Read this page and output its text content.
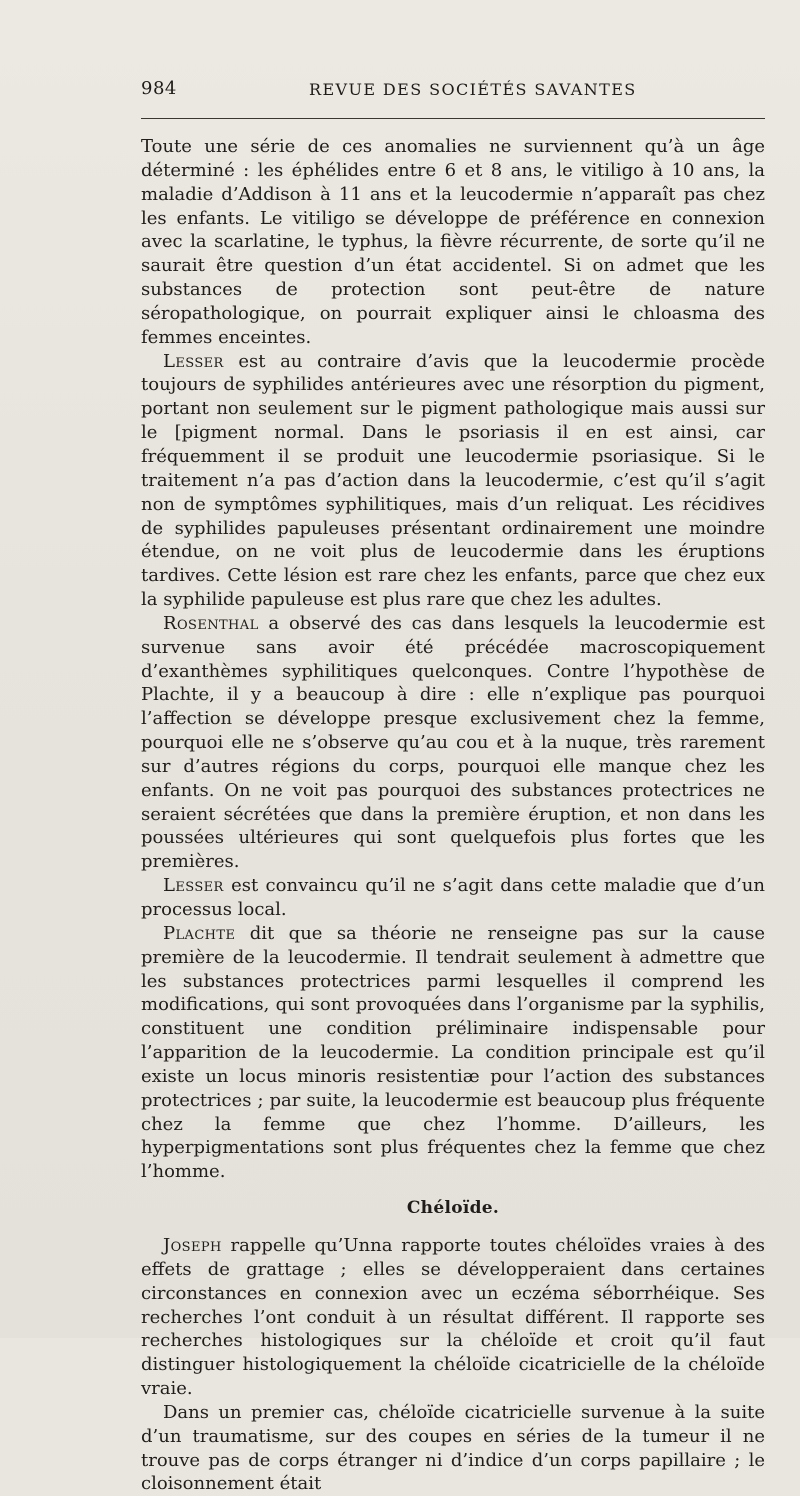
984	REVUE DES SOCIÉTÉS SAVANTES

Toute une série de ces anomalies ne surviennent qu’à un âge déterminé : les éphélides entre 6 et 8 ans, le vitiligo à 10 ans, la maladie d’Addison à 11 ans et la leucodermie n’apparaît pas chez les enfants. Le vitiligo se développe de préférence en connexion avec la scarlatine, le typhus, la fièvre récurrente, de sorte qu’il ne saurait être question d’un état accidentel. Si on admet que les substances de protection sont peut-être de nature séropathologique, on pourrait expliquer ainsi le chloasma des femmes enceintes.

Lesser est au contraire d’avis que la leucodermie procède toujours de syphilides antérieures avec une résorption du pigment, portant non seulement sur le pigment pathologique mais aussi sur le [pigment normal. Dans le psoriasis il en est ainsi, car fréquemment il se produit une leucodermie psoriasique. Si le traitement n’a pas d’action dans la leucodermie, c’est qu’il s’agit non de symptômes syphilitiques, mais d’un reliquat. Les récidives de syphilides papuleuses présentant ordinairement une moindre étendue, on ne voit plus de leucodermie dans les éruptions tardives. Cette lésion est rare chez les enfants, parce que chez eux la syphilide papuleuse est plus rare que chez les adultes.

Rosenthal a observé des cas dans lesquels la leucodermie est survenue sans avoir été précédée macroscopiquement d’exanthèmes syphilitiques quelconques. Contre l’hypothèse de Plachte, il y a beaucoup à dire : elle n’explique pas pourquoi l’affection se développe presque exclusivement chez la femme, pourquoi elle ne s’observe qu’au cou et à la nuque, très rarement sur d’autres régions du corps, pourquoi elle manque chez les enfants. On ne voit pas pourquoi des substances protectrices ne seraient sécrétées que dans la première éruption, et non dans les poussées ultérieures qui sont quelquefois plus fortes que les premières.

Lesser est convaincu qu’il ne s’agit dans cette maladie que d’un processus local.

Plachte dit que sa théorie ne renseigne pas sur la cause première de la leucodermie. Il tendrait seulement à admettre que les substances protectrices parmi lesquelles il comprend les modifications, qui sont provoquées dans l’organisme par la syphilis, constituent une condition préliminaire indispensable pour l’apparition de la leucodermie. La condition principale est qu’il existe un locus minoris resistentiæ pour l’action des substances protectrices ; par suite, la leucodermie est beaucoup plus fréquente chez la femme que chez l’homme. D’ailleurs, les hyperpigmentations sont plus fréquentes chez la femme que chez l’homme.

Chéloïde.

Joseph rappelle qu’Unna rapporte toutes chéloïdes vraies à des effets de grattage ; elles se développeraient dans certaines circonstances en connexion avec un eczéma séborrhéique. Ses recherches l’ont conduit à un résultat différent. Il rapporte ses recherches histologiques sur la chéloïde et croit qu’il faut distinguer histologiquement la chéloïde cicatricielle de la chéloïde vraie.

Dans un premier cas, chéloïde cicatricielle survenue à la suite d’un traumatisme, sur des coupes en séries de la tumeur il ne trouve pas de corps étranger ni d’indice d’un corps papillaire ; le cloisonnement était
